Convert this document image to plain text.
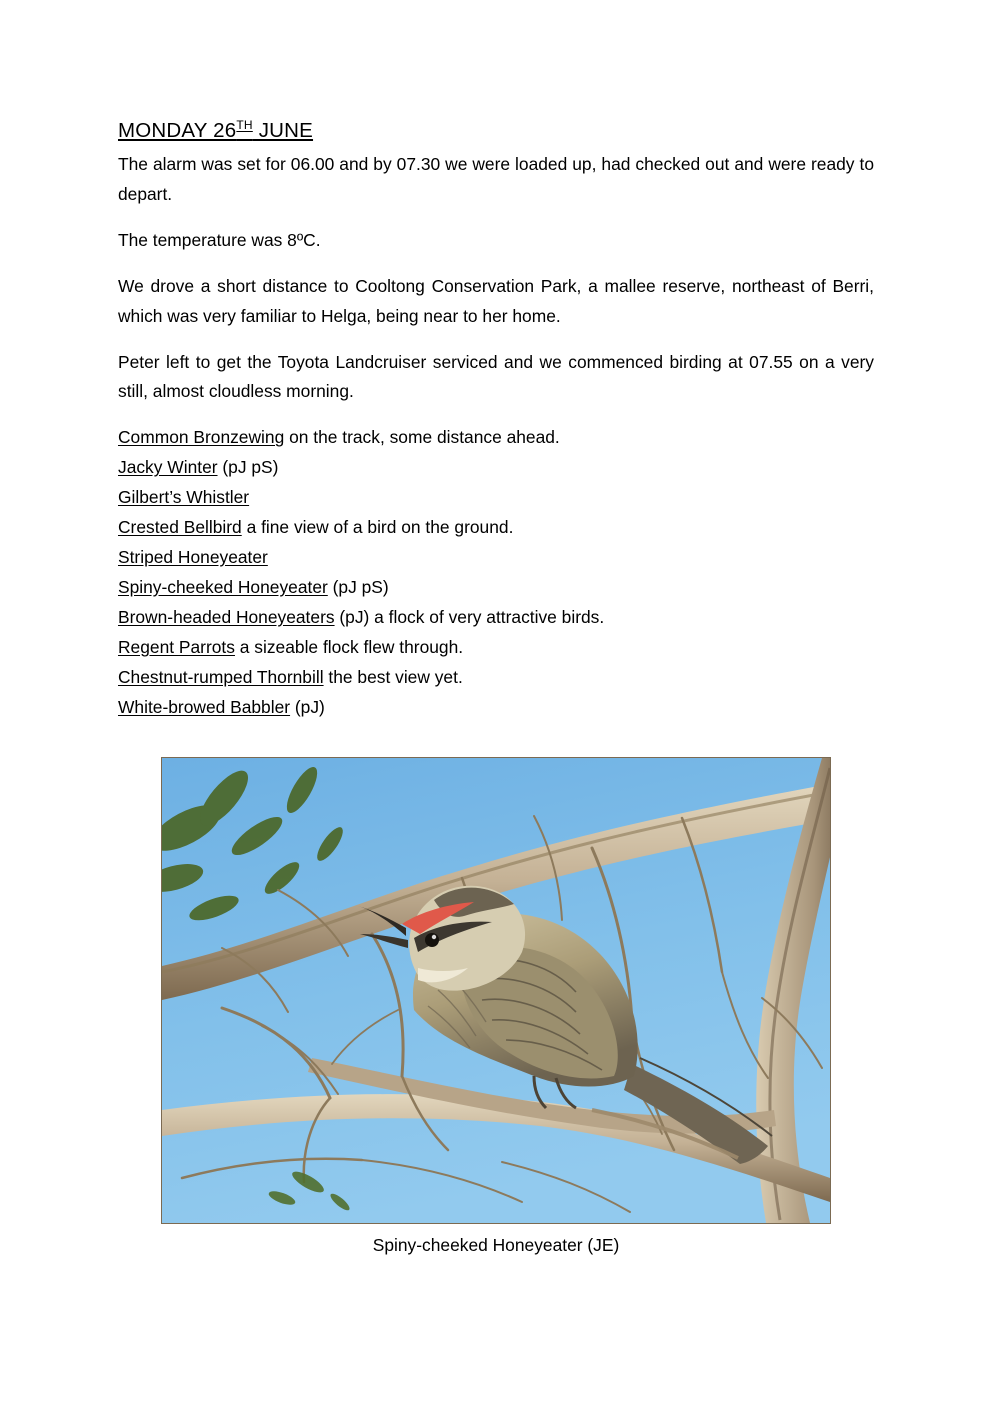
MONDAY 26TH JUNE

The alarm was set for 06.00 and by 07.30 we were loaded up, had checked out and were ready to depart.

The temperature was 8ºC.

We drove a short distance to Cooltong Conservation Park, a mallee reserve, northeast of Berri, which was very familiar to Helga, being near to her home.

Peter left to get the Toyota Landcruiser serviced and we commenced birding at 07.55 on a very still, almost cloudless morning.

Common Bronzewing on the track, some distance ahead.
Jacky Winter (pJ pS)
Gilbert’s Whistler
Crested Bellbird a fine view of a bird on the ground.
Striped Honeyeater
Spiny-cheeked Honeyeater (pJ pS)
Brown-headed Honeyeaters (pJ) a flock of very attractive birds.
Regent Parrots a sizeable flock flew through.
Chestnut-rumped Thornbill the best view yet.
White-browed Babbler (pJ)
Spiny-cheeked Honeyeater (JE)
